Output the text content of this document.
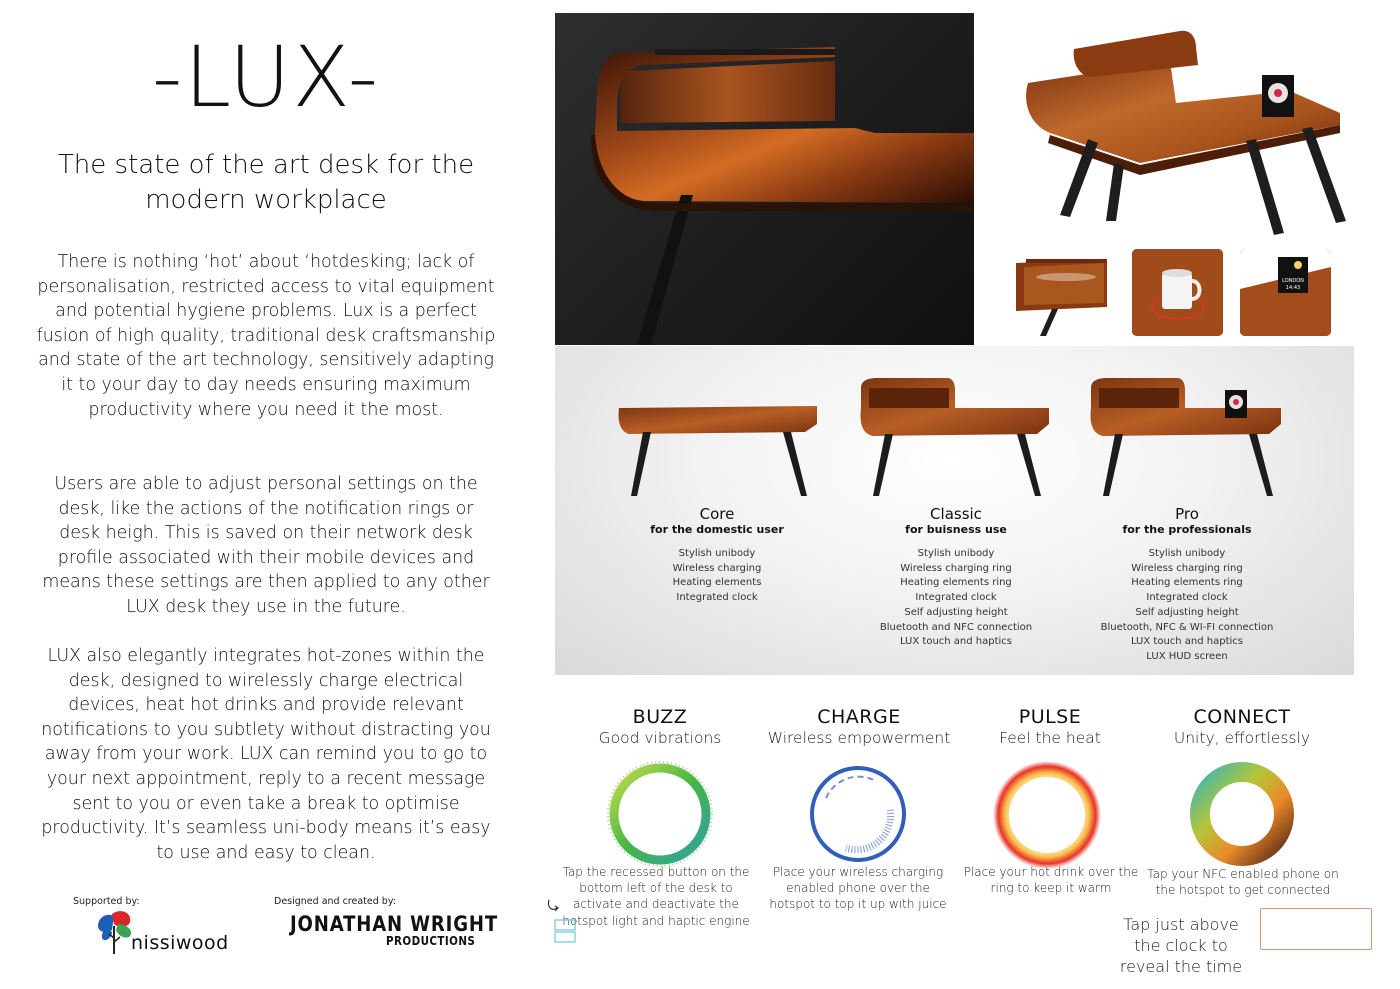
-LUX-
The state of the art desk for the modern workplace

There is nothing ‘hot’ about ‘hotdesking; lack of personalisation, restricted access to vital equipment and potential hygiene problems. Lux is a perfect fusion of high quality, traditional desk craftsmanship and state of the art technology, sensitively adapting it to your day to day needs ensuring maximum productivity where you need it the most.

Users are able to adjust personal settings on the desk, like the actions of the notification rings or desk heigh. This is saved on their network desk profile associated with their mobile devices and means these settings are then applied to any other LUX desk they use in the future.

LUX also elegantly integrates hot-zones within the desk, designed to wirelessly charge electrical devices, heat hot drinks and provide relevant notifications to you subtlety without distracting you away from your work. LUX can remind you to go to your next appointment, reply to a recent message sent to you or even take a break to optimise productivity. It’s seamless uni-body means it’s easy to use and easy to clean.

Supported by:
nissiwood
Designed and created by:
JONATHAN WRIGHT
PRODUCTIONS
LONDON
14:43
Core
for the domestic user
Stylish unibody
Wireless charging
Heating elements
Integrated clock
Classic
for buisness use
Stylish unibody
Wireless charging ring
Heating elements ring
Integrated clock
Self adjusting height
Bluetooth and NFC connection
LUX touch and haptics
Pro
for the professionals
Stylish unibody
Wireless charging ring
Heating elements ring
Integrated clock
Self adjusting height
Bluetooth, NFC & WI-FI connection
LUX touch and haptics
LUX HUD screen
BUZZ
Good vibrations
CHARGE
Wireless empowerment
PULSE
Feel the heat
CONNECT
Unity, effortlessly

Tap the recessed button on the bottom left of the desk to activate and deactivate the hotspot light and haptic engine

Place your wireless charging enabled phone over the hotspot to top it up with juice

Place your hot drink over the ring to keep it warm

Tap your NFC enabled phone on the hotspot to get connected

Tap just above the clock to reveal the time
